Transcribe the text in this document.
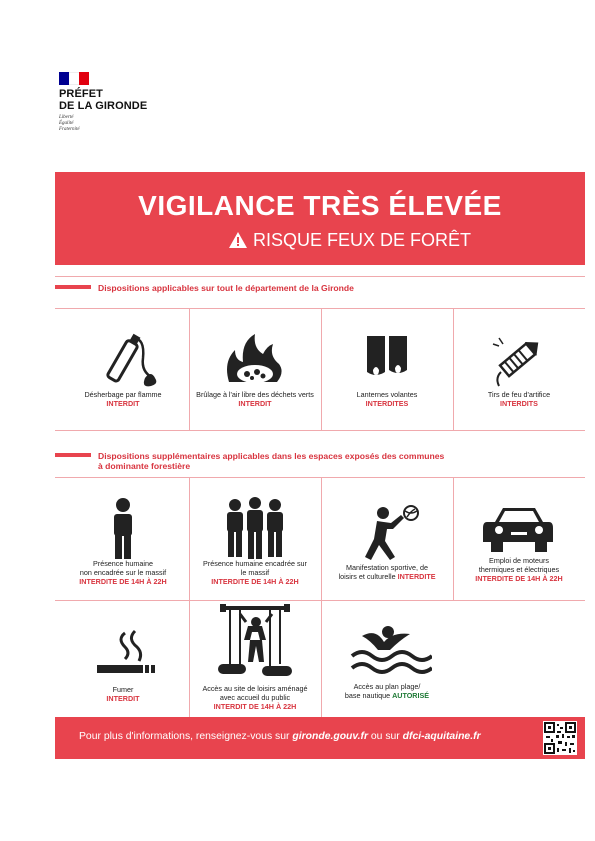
PRÉFET
DE LA GIRONDE
Liberté
Égalité
Fraternité
VIGILANCE TRÈS ÉLEVÉE
RISQUE FEUX DE FORÊT
Dispositions applicables sur tout le département de la Gironde
Désherbage par flamme
INTERDIT
Brûlage à l'air libre des déchets verts INTERDIT
Lanternes volantes
INTERDITES
Tirs de feu d'artifice
INTERDITS
Dispositions supplémentaires applicables dans les espaces exposés des communes
à dominante forestière
Présence humaine
non encadrée sur le massif
INTERDITE DE 14H À 22H
Présence humaine encadrée sur
le massif
INTERDITE DE 14H À 22H
Manifestation sportive, de
loisirs et culturelle INTERDITE
Emploi de moteurs
thermiques et électriques
INTERDITE DE 14H À 22H
Fumer
INTERDIT
Accès au site de loisirs aménagé
avec accueil du public
INTERDIT DE 14H À 22H
Accès au plan plage/
base nautique AUTORISÉ
Pour plus d'informations, renseignez-vous sur gironde.gouv.fr ou sur dfci-aquitaine.fr
